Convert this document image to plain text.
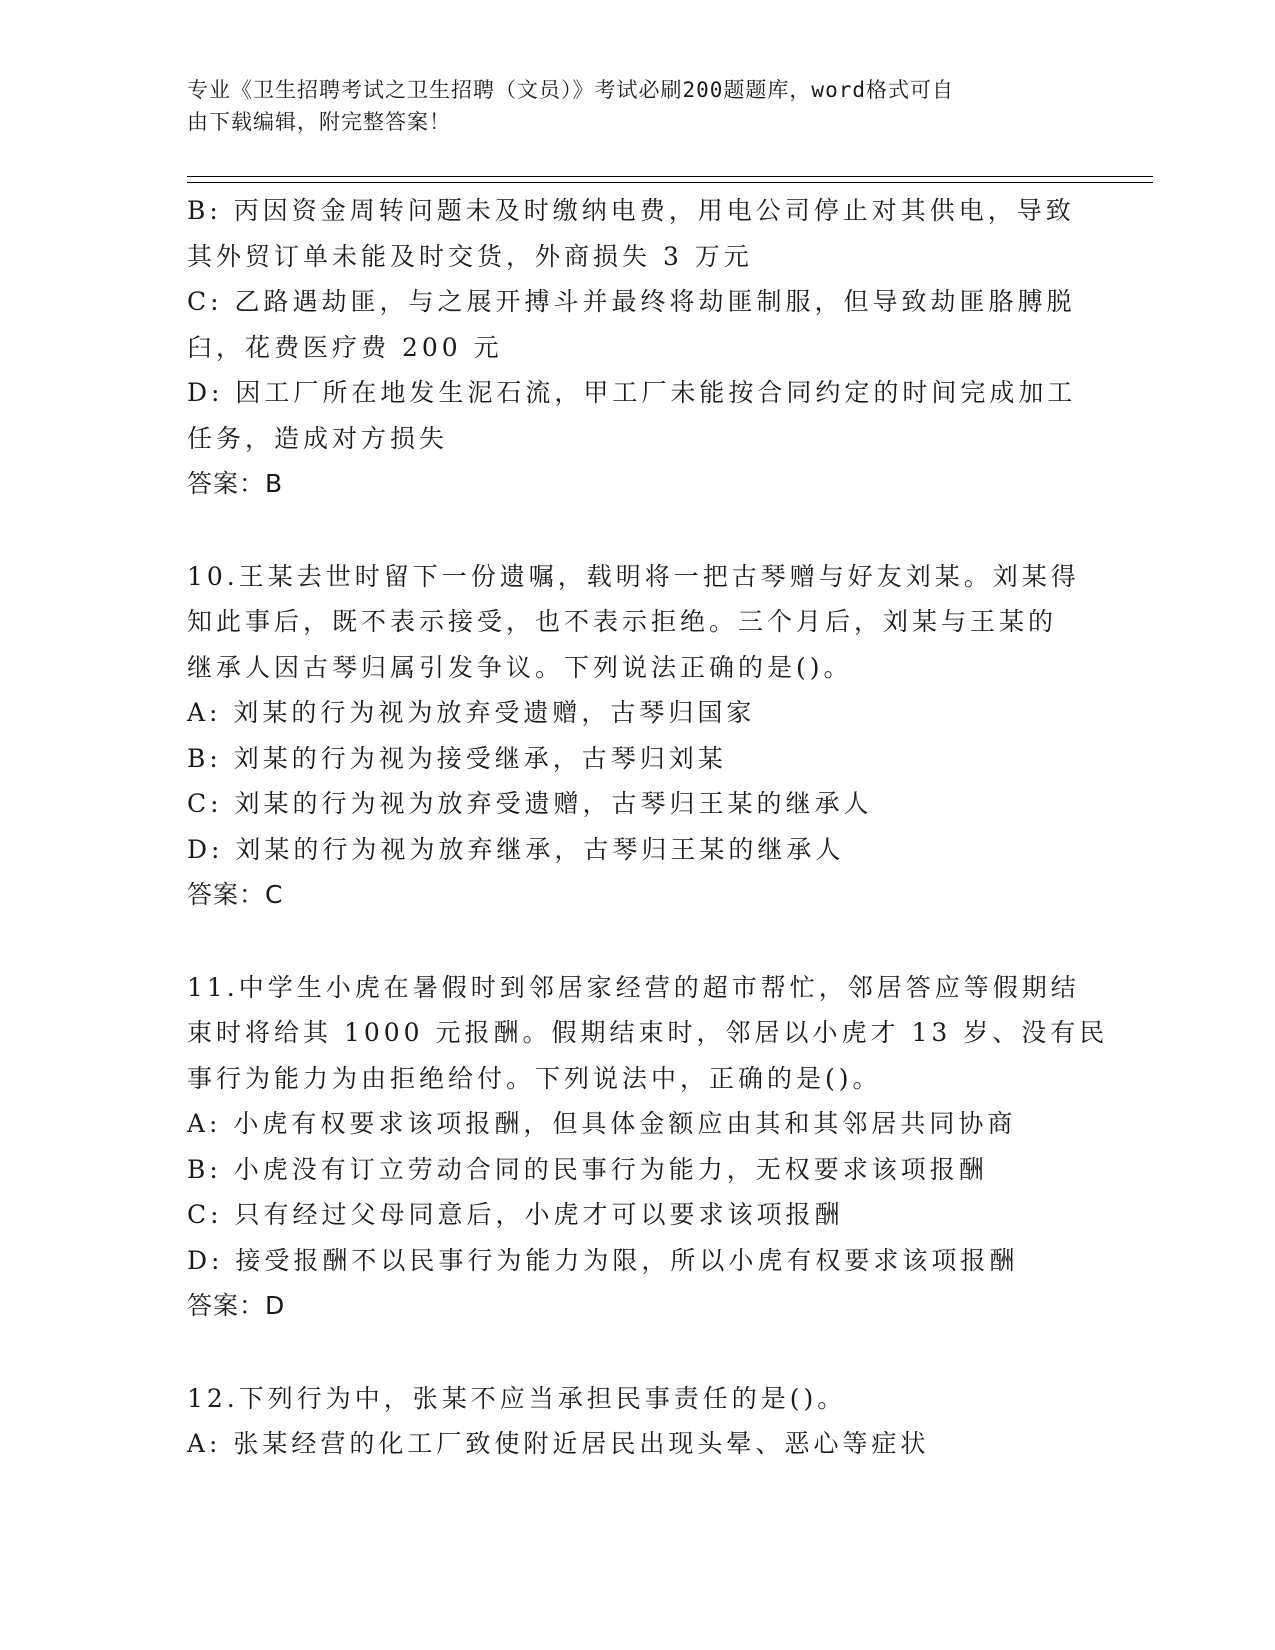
专业《卫生招聘考试之卫生招聘（文员）》考试必刷200题题库，word格式可自
由下载编辑，附完整答案！
B: 丙因资金周转问题未及时缴纳电费，用电公司停止对其供电，导致
其外贸订单未能及时交货，外商损失 3 万元
C: 乙路遇劫匪，与之展开搏斗并最终将劫匪制服，但导致劫匪胳膊脱
臼，花费医疗费 200 元
D: 因工厂所在地发生泥石流，甲工厂未能按合同约定的时间完成加工
任务，造成对方损失
答案：B
10.王某去世时留下一份遗嘱，载明将一把古琴赠与好友刘某。刘某得
知此事后，既不表示接受，也不表示拒绝。三个月后，刘某与王某的
继承人因古琴归属引发争议。下列说法正确的是()。
A: 刘某的行为视为放弃受遗赠，古琴归国家
B: 刘某的行为视为接受继承，古琴归刘某
C: 刘某的行为视为放弃受遗赠，古琴归王某的继承人
D: 刘某的行为视为放弃继承，古琴归王某的继承人
答案：C
11.中学生小虎在暑假时到邻居家经营的超市帮忙，邻居答应等假期结
束时将给其 1000 元报酬。假期结束时，邻居以小虎才 13 岁、没有民
事行为能力为由拒绝给付。下列说法中，正确的是()。
A: 小虎有权要求该项报酬，但具体金额应由其和其邻居共同协商
B: 小虎没有订立劳动合同的民事行为能力，无权要求该项报酬
C: 只有经过父母同意后，小虎才可以要求该项报酬
D: 接受报酬不以民事行为能力为限，所以小虎有权要求该项报酬
答案：D
12.下列行为中，张某不应当承担民事责任的是()。
A: 张某经营的化工厂致使附近居民出现头晕、恶心等症状
